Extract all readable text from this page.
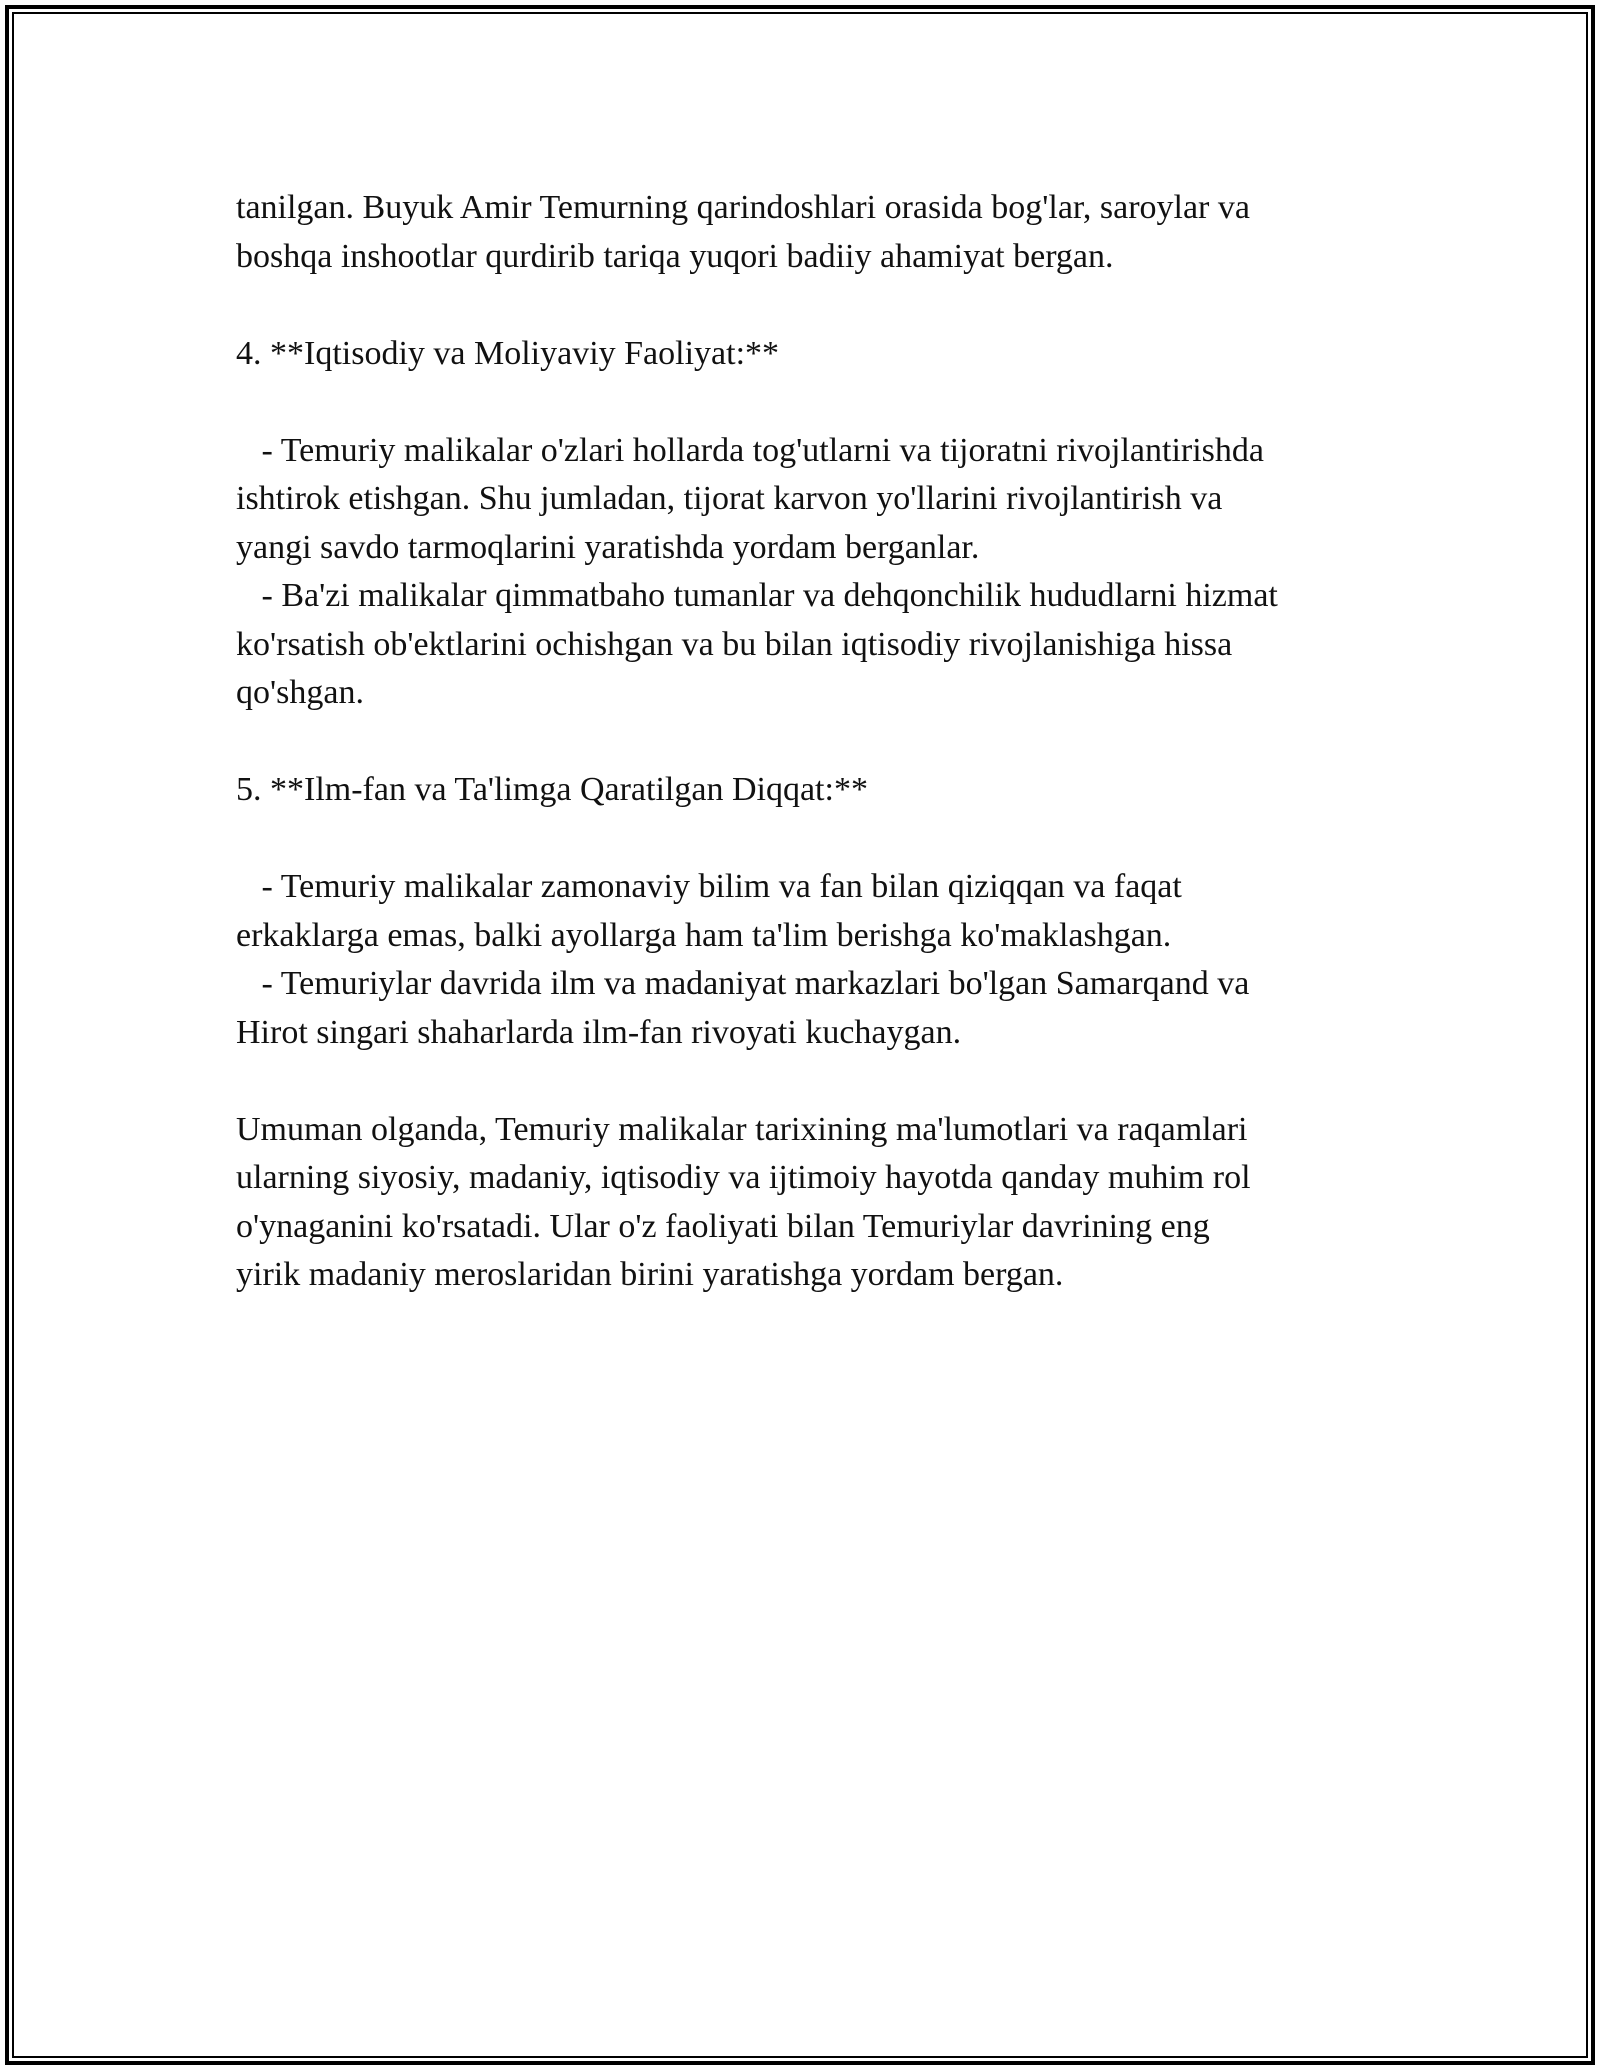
tanilgan. Buyuk Amir Temurning qarindoshlari orasida bog'lar, saroylar va

boshqa inshootlar qurdirib tariqa yuqori badiiy ahamiyat bergan.

4. **Iqtisodiy va Moliyaviy Faoliyat:**

- Temuriy malikalar o'zlari hollarda tog'utlarni va tijoratni rivojlantirishda

ishtirok etishgan. Shu jumladan, tijorat karvon yo'llarini rivojlantirish va

yangi savdo tarmoqlarini yaratishda yordam berganlar.

- Ba'zi malikalar qimmatbaho tumanlar va dehqonchilik hududlarni hizmat

ko'rsatish ob'ektlarini ochishgan va bu bilan iqtisodiy rivojlanishiga hissa

qo'shgan.

5. **Ilm-fan va Ta'limga Qaratilgan Diqqat:**

- Temuriy malikalar zamonaviy bilim va fan bilan qiziqqan va faqat

erkaklarga emas, balki ayollarga ham ta'lim berishga ko'maklashgan.

- Temuriylar davrida ilm va madaniyat markazlari bo'lgan Samarqand va

Hirot singari shaharlarda ilm-fan rivoyati kuchaygan.

Umuman olganda, Temuriy malikalar tarixining ma'lumotlari va raqamlari

ularning siyosiy, madaniy, iqtisodiy va ijtimoiy hayotda qanday muhim rol

o'ynaganini ko'rsatadi. Ular o'z faoliyati bilan Temuriylar davrining eng

yirik madaniy meroslaridan birini yaratishga yordam bergan.
